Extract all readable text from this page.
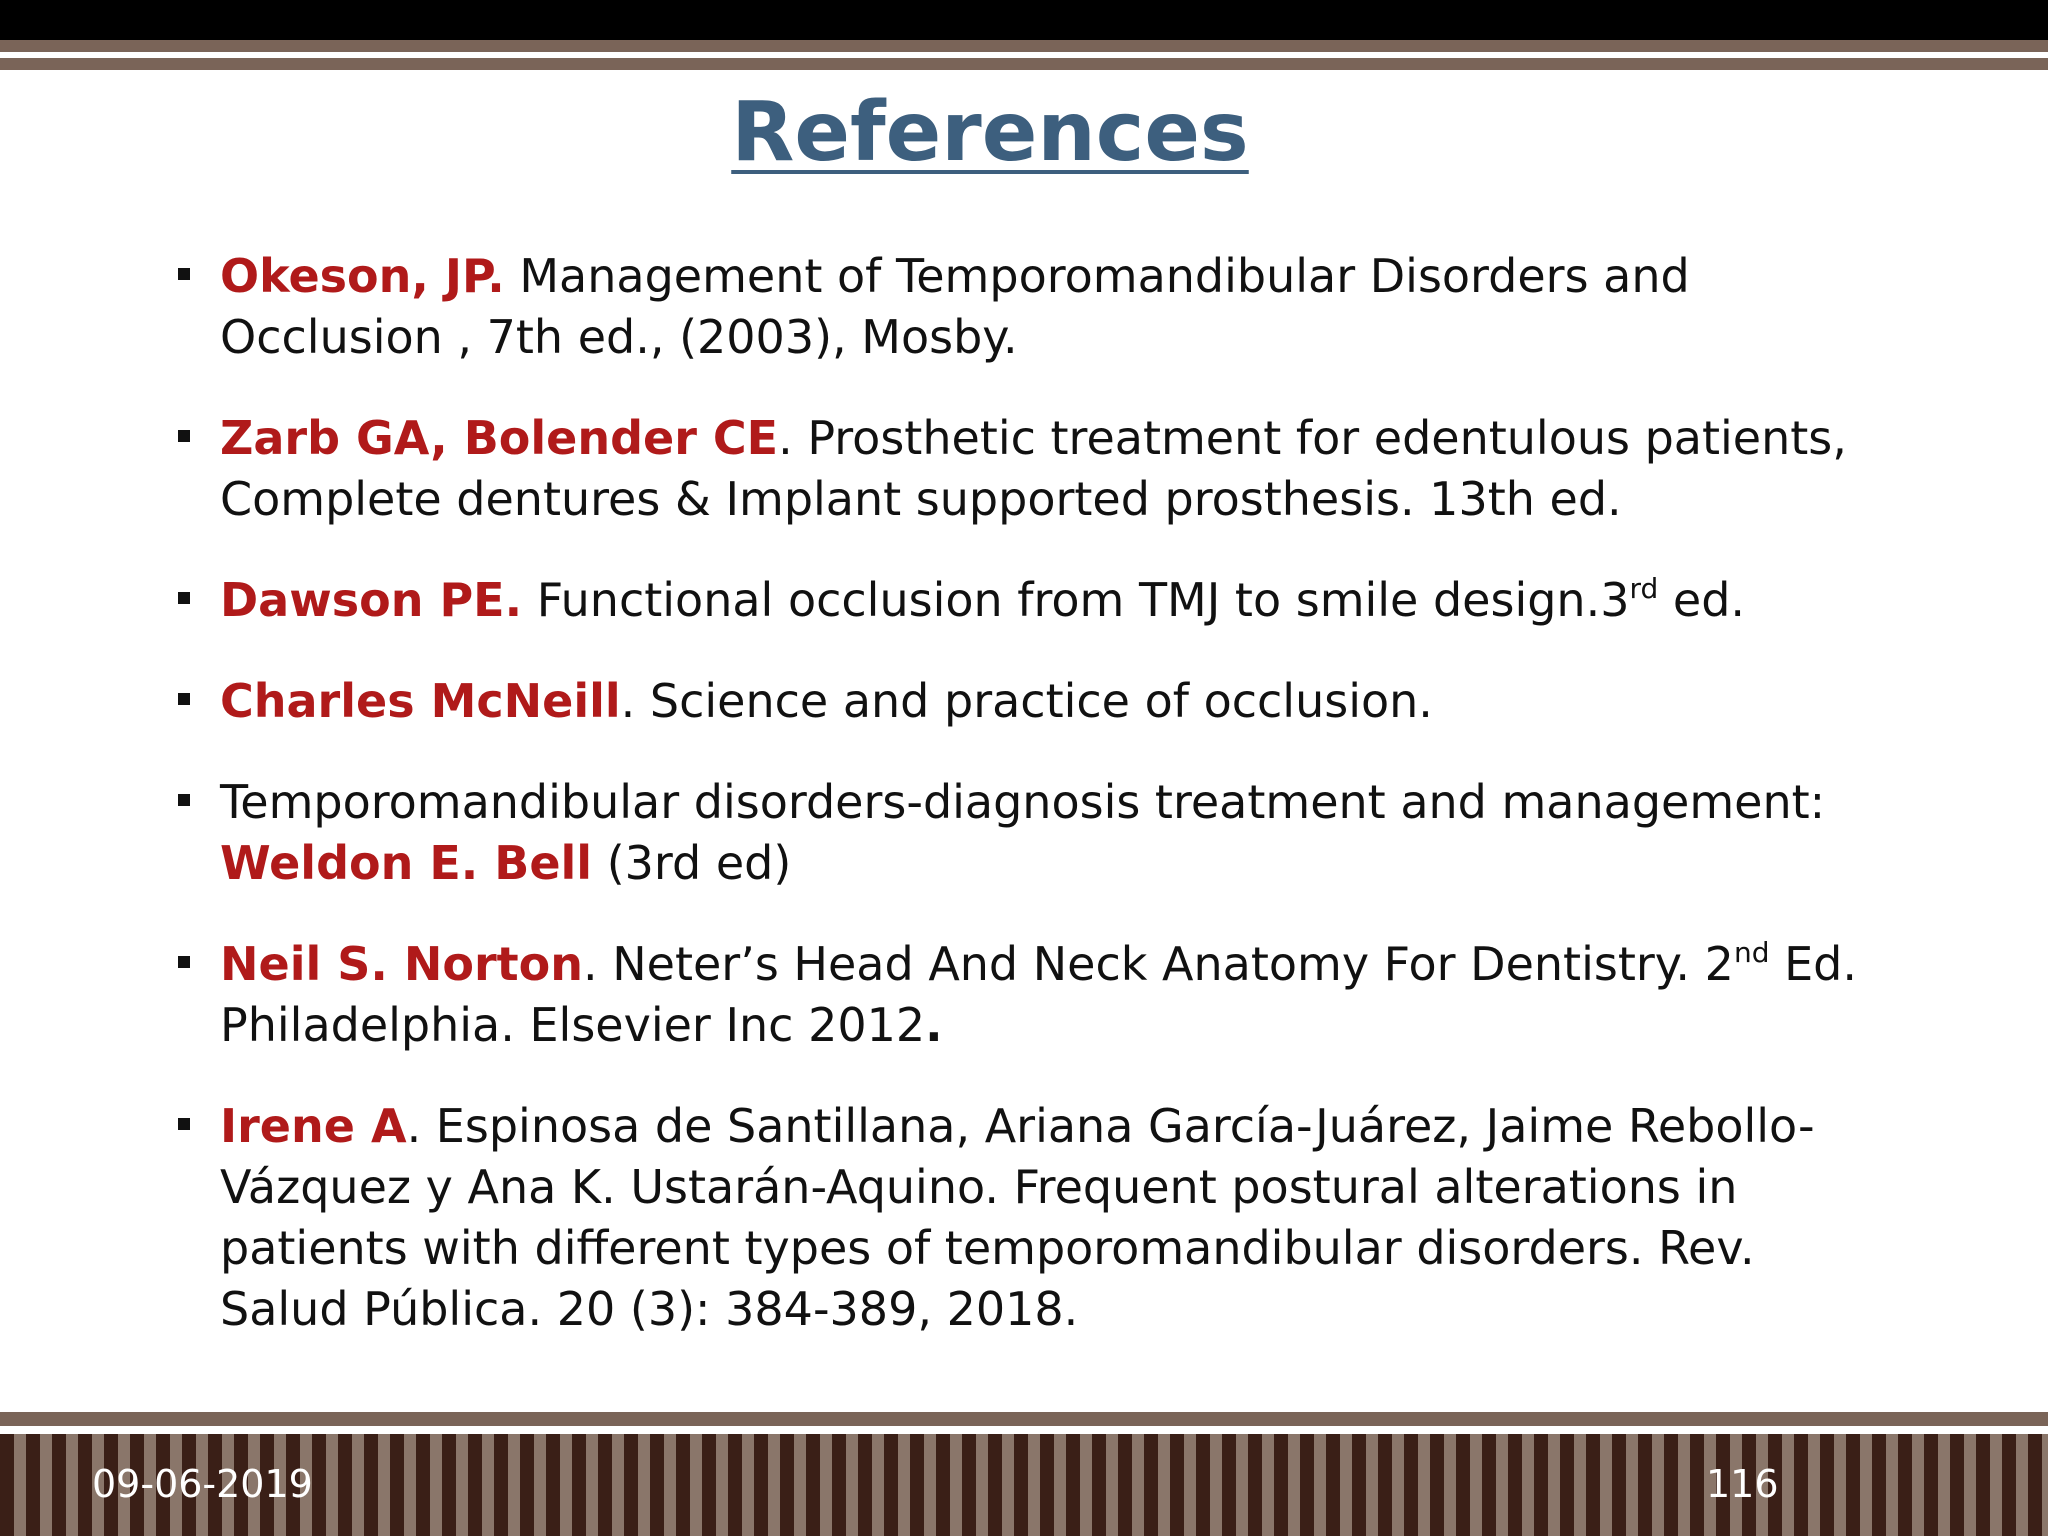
References
Okeson, JP. Management of Temporomandibular Disorders and Occlusion , 7th ed., (2003), Mosby.
Zarb GA, Bolender CE. Prosthetic treatment for edentulous patients, Complete dentures & Implant supported prosthesis. 13th ed.
Dawson PE. Functional occlusion from TMJ to smile design.3rd ed.
Charles McNeill. Science and practice of occlusion.
Temporomandibular disorders-diagnosis treatment and management: Weldon E. Bell (3rd ed)
Neil S. Norton. Neter’s Head And Neck Anatomy For Dentistry. 2nd Ed. Philadelphia. Elsevier Inc 2012.
Irene A. Espinosa de Santillana, Ariana García-Juárez, Jaime Rebollo-Vázquez y Ana K. Ustarán-Aquino. Frequent postural alterations in patients with different types of temporomandibular disorders. Rev. Salud Pública. 20 (3): 384-389, 2018.
09-06-2019	116
